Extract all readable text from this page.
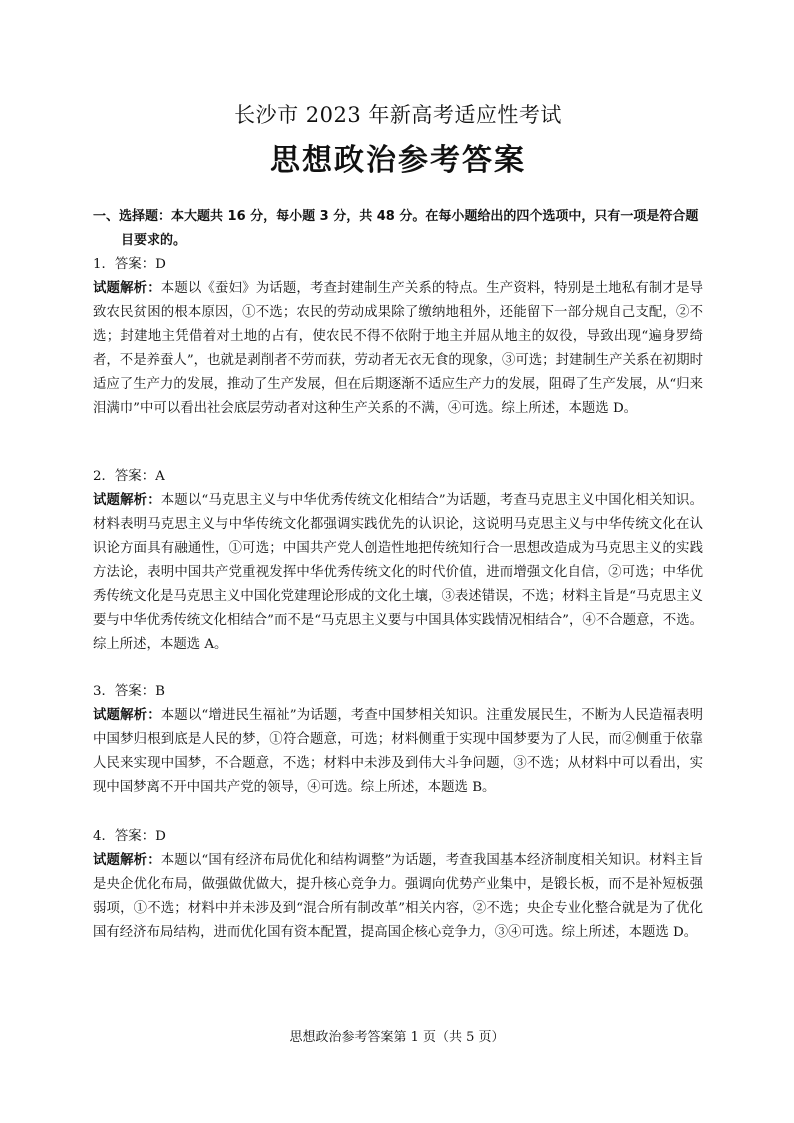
长沙市 2023 年新高考适应性考试
思想政治参考答案
一、选择题：本大题共 16 分，每小题 3 分，共 48 分。在每小题给出的四个选项中，只有一项是符合题目要求的。

1．答案：D

试题解析：本题以《蚕妇》为话题，考查封建制生产关系的特点。生产资料，特别是土地私有制才是导致农民贫困的根本原因，①不选；农民的劳动成果除了缴纳地租外，还能留下一部分规自己支配，②不选；封建地主凭借着对土地的占有，使农民不得不依附于地主并屈从地主的奴役，导致出现“遍身罗绮者，不是养蚕人”，也就是剥削者不劳而获，劳动者无衣无食的现象，③可选；封建制生产关系在初期时适应了生产力的发展，推动了生产发展，但在后期逐渐不适应生产力的发展，阻碍了生产发展，从“归来泪满巾”中可以看出社会底层劳动者对这种生产关系的不满，④可选。综上所述，本题选 D。

2．答案：A

试题解析：本题以“马克思主义与中华优秀传统文化相结合”为话题，考查马克思主义中国化相关知识。材料表明马克思主义与中华传统文化都强调实践优先的认识论，这说明马克思主义与中华传统文化在认识论方面具有融通性，①可选；中国共产党人创造性地把传统知行合一思想改造成为马克思主义的实践方法论，表明中国共产党重视发挥中华优秀传统文化的时代价值，进而增强文化自信，②可选；中华优秀传统文化是马克思主义中国化党建理论形成的文化土壤，③表述错误，不选；材料主旨是“马克思主义要与中华优秀传统文化相结合”而不是“马克思主义要与中国具体实践情况相结合”，④不合题意，不选。综上所述，本题选 A。

3．答案：B

试题解析：本题以“增进民生福祉”为话题，考查中国梦相关知识。注重发展民生，不断为人民造福表明中国梦归根到底是人民的梦，①符合题意，可选；材料侧重于实现中国梦要为了人民，而②侧重于依靠人民来实现中国梦，不合题意，不选；材料中未涉及到伟大斗争问题，③不选；从材料中可以看出，实现中国梦离不开中国共产党的领导，④可选。综上所述，本题选 B。

4．答案：D

试题解析：本题以“国有经济布局优化和结构调整”为话题，考查我国基本经济制度相关知识。材料主旨是央企优化布局，做强做优做大，提升核心竞争力。强调向优势产业集中，是锻长板，而不是补短板强弱项，①不选；材料中并未涉及到“混合所有制改革”相关内容，②不选；央企专业化整合就是为了优化国有经济布局结构，进而优化国有资本配置，提高国企核心竞争力，③④可选。综上所述，本题选 D。

思想政治参考答案第 1 页（共 5 页）
